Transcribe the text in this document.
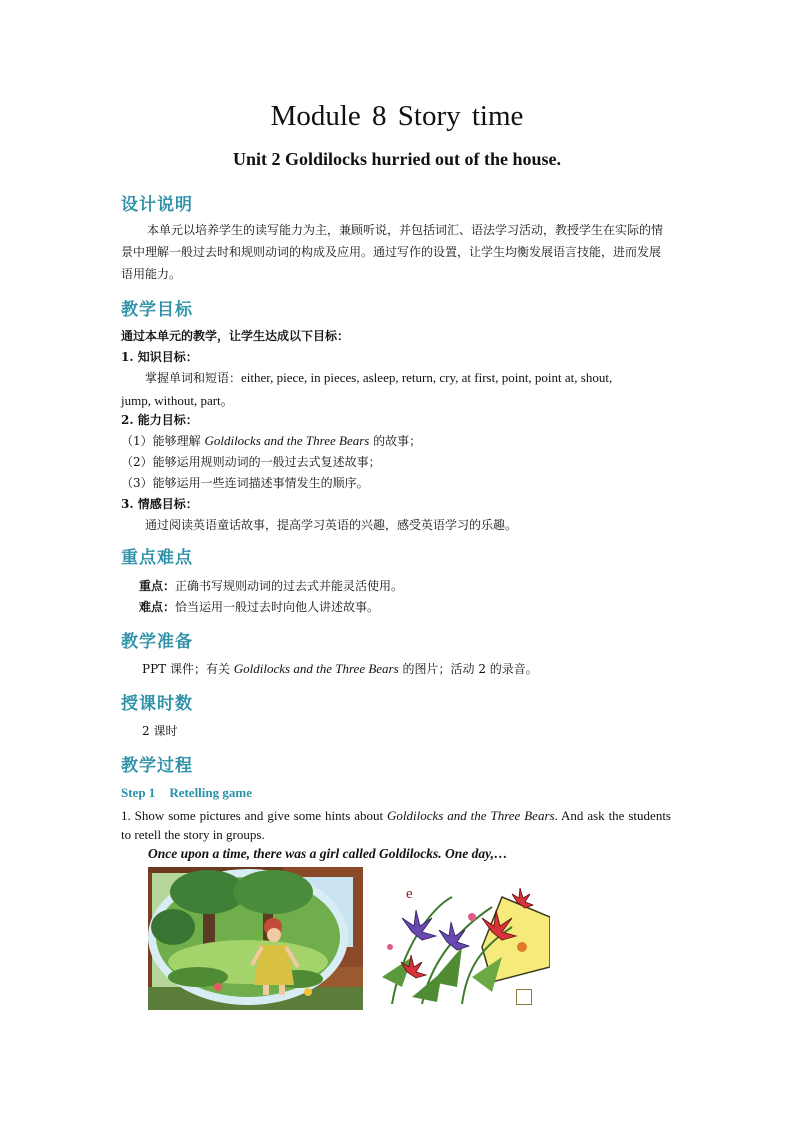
Module 8 Story time
Unit 2 Goldilocks hurried out of the house.
设计说明
本单元以培养学生的读写能力为主，兼顾听说，并包括词汇、语法学习活动，教授学生在实际的情景中理解一般过去时和规则动词的构成及应用。通过写作的设置，让学生均衡发展语言技能，进而发展语用能力。
教学目标
通过本单元的教学，让学生达成以下目标：
1. 知识目标：
掌握单词和短语：either, piece, in pieces, asleep, return, cry, at first, point, point at, shout,
jump, without, part。
2. 能力目标：
（1）能够理解 Goldilocks and the Three Bears 的故事；
（2）能够运用规则动词的一般过去式复述故事；
（3）能够运用一些连词描述事情发生的顺序。
3. 情感目标：
通过阅读英语童话故事，提高学习英语的兴趣，感受英语学习的乐趣。
重点难点
重点：正确书写规则动词的过去式并能灵活使用。
难点：恰当运用一般过去时向他人讲述故事。
教学准备
PPT 课件；有关 Goldilocks and the Three Bears 的图片；活动 2 的录音。
授课时数
2 课时
教学过程
Step 1 Retelling game
1. Show some pictures and give some hints about Goldilocks and the Three Bears. And ask the students to retell the story in groups.
Once upon a time, there was a girl called Goldilocks. One day,…
e
